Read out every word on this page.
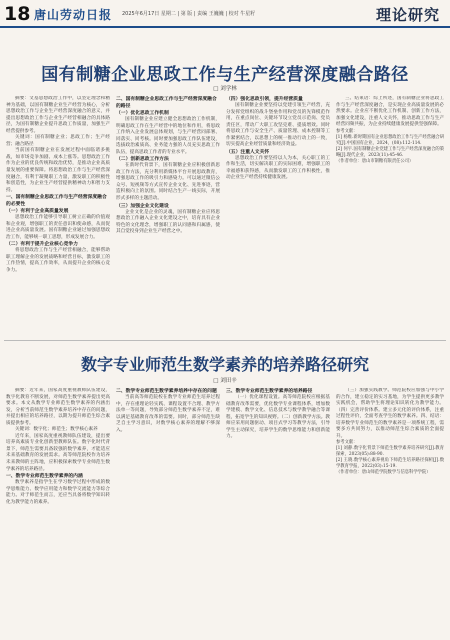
18 唐山劳动日报 2025年6月17日 星期二 | 第 版 | 责编 王巍巍 | 校对 牛星籽	理论研究
国有制糖企业思政工作与生产经营深度融合路径
□ 刘学林

摘要：文基思想政治工作中，以坚定理念和精神为基础，以国有制糖企业生产经营为核心，分析思想政治工作与企业生产经营深度融合的意义，并提出思想政治工作与企业生产经营相融合的具体路径，为国有制糖企业提升思政工作质量，加强生产经营提供参考。

关键词：国有制糖企业；思政工作；生产经营；融合路径

当前国有制糖企业在发展过程中面临诸多挑战，如市场竞争加剧、成本上涨等。思想政治工作作为企业的优良传统和政治优势，是推动企业高质量发展的重要保障。将思想政治工作与生产经营深度融合，有利于凝聚职工力量，激发职工的积极性和创造性，为企业生产经营提供精神动力和智力支持。

一、国有制糖企业思政工作与生产经营深度融合的必要性
（一）有利于企业高质量发展

思想政治工作能够引导职工树立正确的价值观和企业观，增强职工的责任意识和使命感，从而促进企业高质量发展。国有制糖企业通过加强思想政治工作，能够统一职工思想，形成发展合力。

（二）有利于提升企业核心竞争力

将思想政治工作与生产经营相融合，能够帮助职工理解企业的发展战略和经营目标，激发职工的工作热情，提高工作效率，从而提升企业的核心竞争力。

二、国有制糖企业思政工作与生产经营深度融合的路径
（一）优化思政工作机制

国有制糖企业应建立健全思想政治工作机制，明确思政工作在生产经营中的地位和作用，将思政工作纳入企业发展总体规划，与生产经营同部署、同落实、同考核。同时要加强思政工作队伍建设，选拔政治素质高、业务能力强的人员充实思政工作队伍，提高思政工作者的专业水平。

（二）创新思政工作方法

在新时代背景下，国有制糖企业应积极创新思政工作方法，充分利用新媒体平台开展思政教育，增强思政工作的吸引力和感染力。可以通过微信公众号、短视频等方式宣传企业文化、先进事迹，营造积极向上的氛围。同时结合生产一线实际，开展形式多样的主题活动。

（三）加强企业文化建设

企业文化是企业的灵魂，国有制糖企业应将思想政治工作融入企业文化建设之中，培育具有企业特色的文化理念，增强职工的认同感和归属感，使其自觉投身到企业生产经营之中。

（四）强化思政引领，提升经营质量

国有制糖企业要坚持以党建引领生产经营，充分发挥党组织的战斗堡垒作用和党员的先锋模范作用，在重点岗位、关键环节设立党员示范岗、党员责任区，带动广大职工攻坚克难、提质增效。同时将思政工作与安全生产、质量管理、成本控制等工作紧密结合，以思想上的统一推动行动上的一致，切实提高企业经营质量和经济效益。

（五）注重人文关怀

思想政治工作要坚持以人为本，关心职工的工作和生活，切实解决职工的实际困难，增强职工的幸福感和获得感，从而激发职工的工作积极性，推动企业生产经营持续健康发展。

三、结束语：综上所述，国有制糖企业将思政工作与生产经营深度融合，是实现企业高质量发展的必然要求。企业应不断优化工作机制、创新工作方法，加强文化建设，注重人文关怀，推动思政工作与生产经营同频共振，为企业持续健康发展提供坚强保障。

参考文献：

[1] 杨维.新时期国有企业思想政治工作与生产经营融合研究[J].中国国有企业，2024，(08):112-114.

[2] 何宇.国有制糖企业党建工作与生产经营深度融合的策略[J].现代企业，2023(11):45-46.

（作者单位：唐山市制糖有限责任公司）

数字专业师范生数学素养的培养路径研究
□ 刘田辛

摘要：近年来，国家高度重视教师队伍建设，数字化教育不断发展，对师范生数学素养提出更高要求。本文从数学专业师范生数学素养的内涵出发，分析当前师范生数学素养培养中存在的问题，并提出相应的培养路径，以期为提升师范生综合素质提供参考。

关键词：数字化；师范生；数学核心素养

近年来，国家高度重视教师队伍建设，提出要培养高素质专业化创新型教师队伍。数字化时代背景下，师范生需要具备较强的数学素养，才能适应未来基础教育的发展需求。高等师范院校作为培养未来教师的主阵地，应积极探索数学专业师范生数学素养的培养路径。

一、数学专业师范生数学素养的内涵

数学素养是指学生在学习数学过程中形成的数学思维能力、数学应用能力和数学交流能力等综合能力。对于师范生而言，还应当具备将数学知识转化为教学能力的素养。

二、数学专业师范生数学素养培养中存在的问题

当前高等师范院校在数学专业师范生培养过程中，存在重理论轻实践、课程设置不合理、教学方法单一等问题，导致部分师范生数学素养不足，难以满足基础教育改革的需要。同时，部分师范生缺乏自主学习意识，对数学核心素养的理解不够深入。

三、数学专业师范生数学素养的培养路径

（一）优化课程设置。高等师范院校应根据基础教育改革需要，优化数学专业课程体系，增加数学建模、数学文化、信息技术与数学教学融合等课程，拓宽学生的知识视野。（二）创新教学方法。教师应采用问题驱动、项目式学习等教学方法，引导学生主动探究，培养学生的数学思维能力和创新能力。

（三）加强实践教学。师范院校应加强与中小学的合作，建立稳定的实习基地，为学生提供更多教学实践机会，帮助学生将理论知识转化为教学能力。（四）完善评价体系。建立多元化的评价体系，注重过程性评价，全面考查学生的数学素养。四、结语：培养数学专业师范生的数学素养是一项系统工程，需要多方共同努力，以推动师范生综合素质的全面提升。

参考文献：

[1] 刘静.数字化背景下师范生数学素养培养研究[J].教育探索，2023(05):88-90.

[2] 王晓.数学核心素养视角下师范生培养路径探析[J].数学教育学报，2022(03):15-19.

（作者单位：唐山师范学院数学与信息科学学院）
